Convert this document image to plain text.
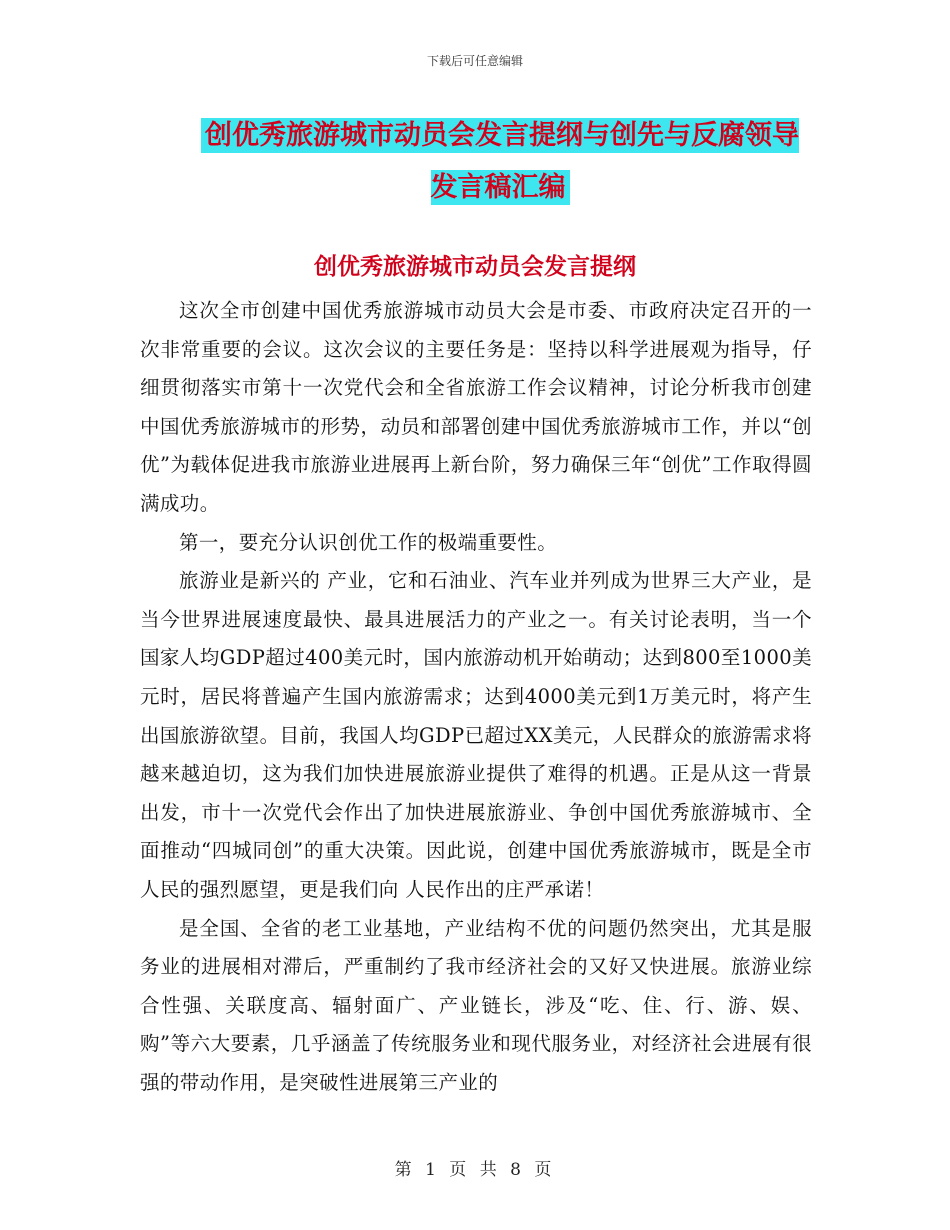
下载后可任意编辑
创优秀旅游城市动员会发言提纲与创先与反腐领导发言稿汇编
创优秀旅游城市动员会发言提纲

这次全市创建中国优秀旅游城市动员大会是市委、市政府决定召开的一次非常重要的会议。这次会议的主要任务是：坚持以科学进展观为指导，仔细贯彻落实市第十一次党代会和全省旅游工作会议精神，讨论分析我市创建中国优秀旅游城市的形势，动员和部署创建中国优秀旅游城市工作，并以“创优”为载体促进我市旅游业进展再上新台阶，努力确保三年“创优”工作取得圆满成功。

第一，要充分认识创优工作的极端重要性。

旅游业是新兴的 产业，它和石油业、汽车业并列成为世界三大产业，是当今世界进展速度最快、最具进展活力的产业之一。有关讨论表明，当一个国家人均GDP超过400美元时，国内旅游动机开始萌动；达到800至1000美元时，居民将普遍产生国内旅游需求；达到4000美元到1万美元时，将产生出国旅游欲望。目前，我国人均GDP已超过XX美元，人民群众的旅游需求将越来越迫切，这为我们加快进展旅游业提供了难得的机遇。正是从这一背景出发，市十一次党代会作出了加快进展旅游业、争创中国优秀旅游城市、全面推动“四城同创”的重大决策。因此说，创建中国优秀旅游城市，既是全市人民的强烈愿望，更是我们向 人民作出的庄严承诺！

是全国、全省的老工业基地，产业结构不优的问题仍然突出，尤其是服务业的进展相对滞后，严重制约了我市经济社会的又好又快进展。旅游业综合性强、关联度高、辐射面广、产业链长，涉及“吃、住、行、游、娱、购”等六大要素，几乎涵盖了传统服务业和现代服务业，对经济社会进展有很强的带动作用，是突破性进展第三产业的

第 1 页 共 8 页
